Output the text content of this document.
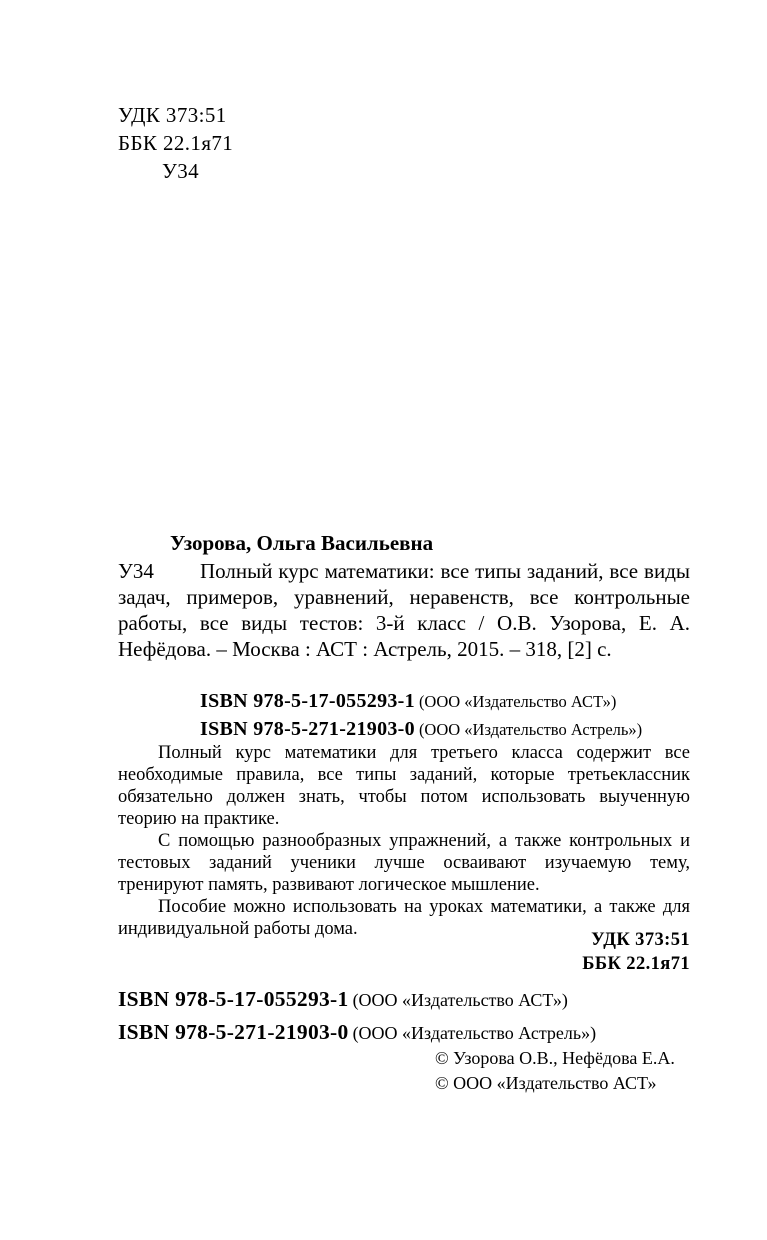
УДК 373:51
ББК 22.1я71
У34
Узорова, Ольга Васильевна
У34	Полный курс математики: все типы заданий, все виды задач, примеров, уравнений, неравенств, все контрольные работы, все виды тестов: 3-й класс / О.В. Узорова, Е. А. Нефёдова. – Москва : АСТ : Астрель, 2015. – 318, [2] с.

ISBN 978-5-17-055293-1 (ООО «Издательство АСТ»)
ISBN 978-5-271-21903-0 (ООО «Издательство Астрель»)

Полный курс математики для третьего класса содержит все необходимые правила, все типы заданий, которые третьеклассник обязательно должен знать, чтобы потом использовать выученную теорию на практике.

С помощью разнообразных упражнений, а также контрольных и тестовых заданий ученики лучше осваивают изучаемую тему, тренируют память, развивают логическое мышление.

Пособие можно использовать на уроках математики, а также для индивидуальной работы дома.

УДК 373:51
ББК 22.1я71
ISBN 978-5-17-055293-1 (ООО «Издательство АСТ»)
ISBN 978-5-271-21903-0 (ООО «Издательство Астрель»)
© Узорова О.В., Нефёдова Е.А.
© ООО «Издательство АСТ»
